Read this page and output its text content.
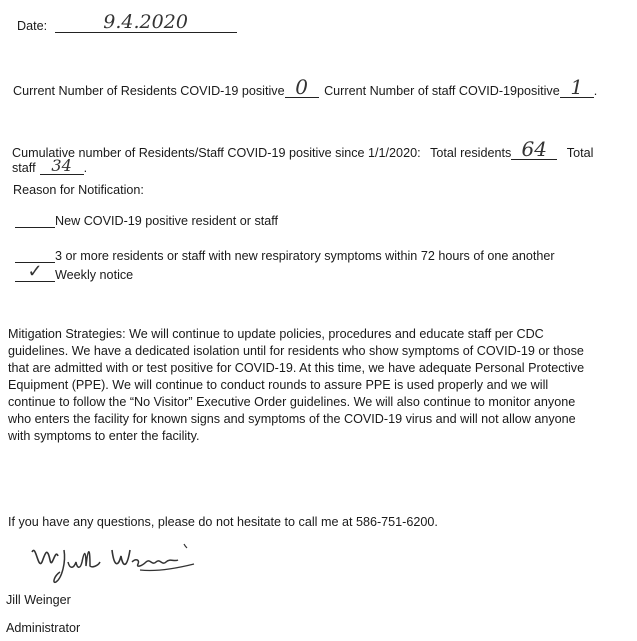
Date:	9.4.2020
Current Number of Residents COVID-19 positive 0	Current Number of staff COVID-19positive 1 .
Cumulative number of Residents/Staff COVID-19 positive since 1/1/2020: Total residents 64	Total
staff 34 .
Reason for Notification:
New COVID-19 positive resident or staff
3 or more residents or staff with new respiratory symptoms within 72 hours of one another
✓ Weekly notice

Mitigation Strategies: We will continue to update policies, procedures and educate staff per CDC

guidelines. We have a dedicated isolation until for residents who show symptoms of COVID-19 or those

that are admitted with or test positive for COVID-19. At this time, we have adequate Personal Protective

Equipment (PPE). We will continue to conduct rounds to assure PPE is used properly and we will

continue to follow the “No Visitor” Executive Order guidelines. We will also continue to monitor anyone

who enters the facility for known signs and symptoms of the COVID-19 virus and will not allow anyone

with symptoms to enter the facility.

If you have any questions, please do not hesitate to call me at 586-751-6200.
Jill Weinger
Administrator
